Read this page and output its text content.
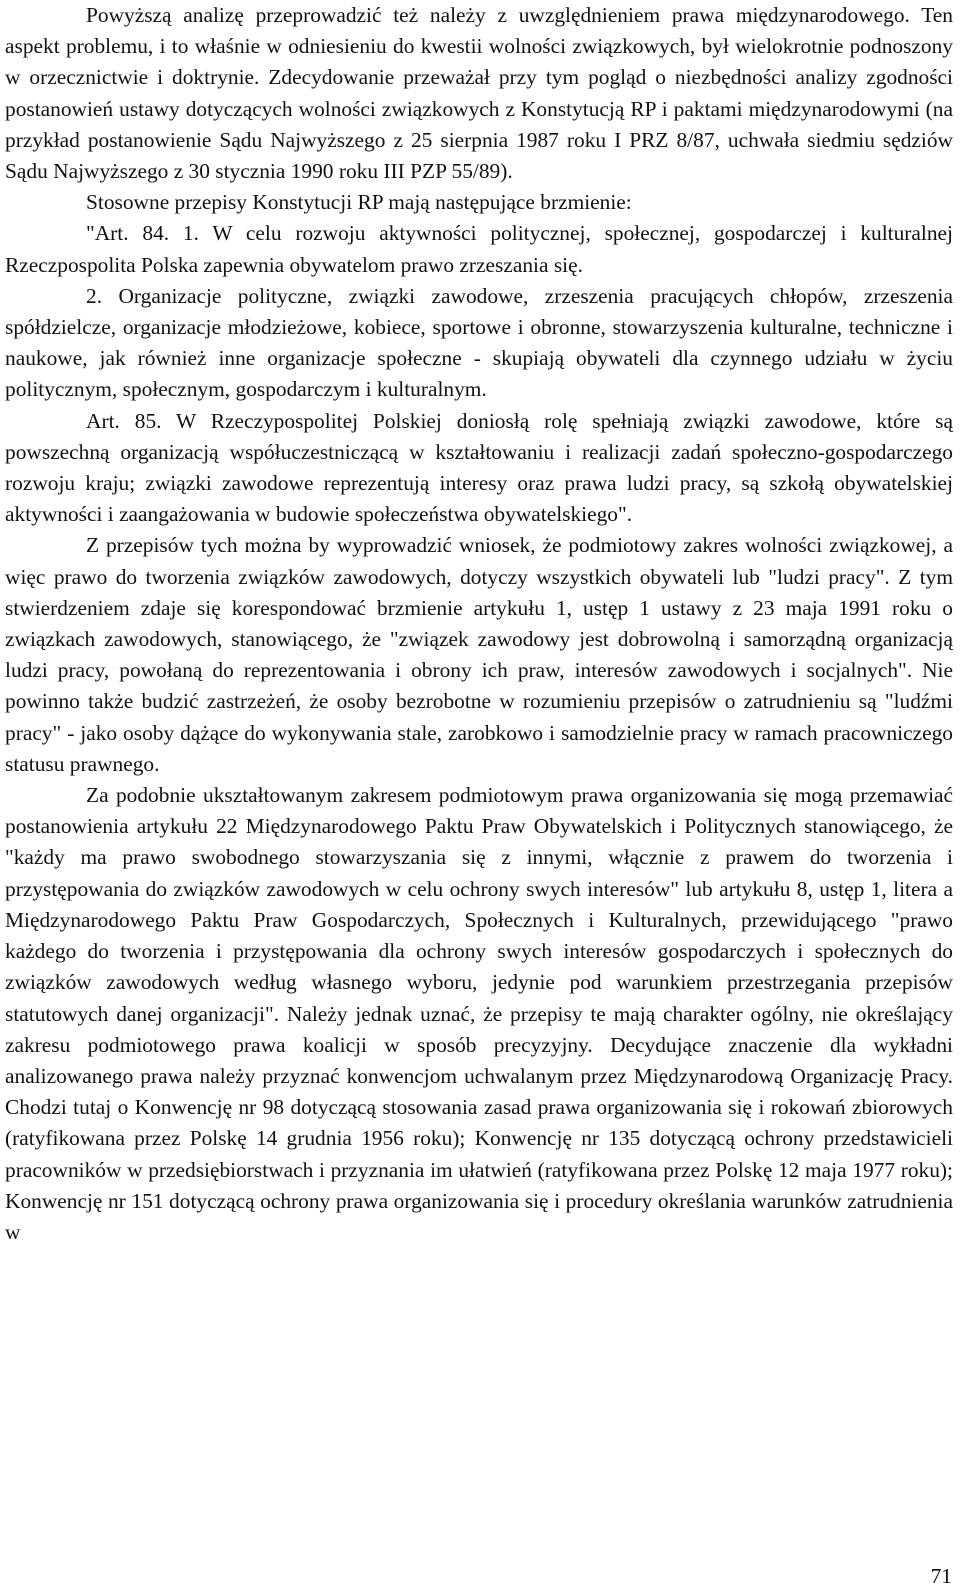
Powyższą analizę przeprowadzić też należy z uwzględnieniem prawa międzynarodowego. Ten aspekt problemu, i to właśnie w odniesieniu do kwestii wolności związkowych, był wielokrotnie podnoszony w orzecznictwie i doktrynie. Zdecydowanie przeważał przy tym pogląd o niezbędności analizy zgodności postanowień ustawy dotyczących wolności związkowych z Konstytucją RP i paktami międzynarodowymi (na przykład postanowienie Sądu Najwyższego z 25 sierpnia 1987 roku I PRZ 8/87, uchwała siedmiu sędziów Sądu Najwyższego z 30 stycznia 1990 roku III PZP 55/89).

Stosowne przepisy Konstytucji RP mają następujące brzmienie:

"Art. 84. 1. W celu rozwoju aktywności politycznej, społecznej, gospodarczej i kulturalnej Rzeczpospolita Polska zapewnia obywatelom prawo zrzeszania się.

2. Organizacje polityczne, związki zawodowe, zrzeszenia pracujących chłopów, zrzeszenia spółdzielcze, organizacje młodzieżowe, kobiece, sportowe i obronne, stowarzyszenia kulturalne, techniczne i naukowe, jak również inne organizacje społeczne - skupiają obywateli dla czynnego udziału w życiu politycznym, społecznym, gospodarczym i kulturalnym.

Art. 85. W Rzeczypospolitej Polskiej doniosłą rolę spełniają związki zawodowe, które są powszechną organizacją współuczestniczącą w kształtowaniu i realizacji zadań społeczno-gospodarczego rozwoju kraju; związki zawodowe reprezentują interesy oraz prawa ludzi pracy, są szkołą obywatelskiej aktywności i zaangażowania w budowie społeczeństwa obywatelskiego".

Z przepisów tych można by wyprowadzić wniosek, że podmiotowy zakres wolności związkowej, a więc prawo do tworzenia związków zawodowych, dotyczy wszystkich obywateli lub "ludzi pracy". Z tym stwierdzeniem zdaje się korespondować brzmienie artykułu 1, ustęp 1 ustawy z 23 maja 1991 roku o związkach zawodowych, stanowiącego, że "związek zawodowy jest dobrowolną i samorządną organizacją ludzi pracy, powołaną do reprezentowania i obrony ich praw, interesów zawodowych i socjalnych". Nie powinno także budzić zastrzeżeń, że osoby bezrobotne w rozumieniu przepisów o zatrudnieniu są "ludźmi pracy" - jako osoby dążące do wykonywania stale, zarobkowo i samodzielnie pracy w ramach pracowniczego statusu prawnego.

Za podobnie ukształtowanym zakresem podmiotowym prawa organizowania się mogą przemawiać postanowienia artykułu 22 Międzynarodowego Paktu Praw Obywatelskich i Politycznych stanowiącego, że "każdy ma prawo swobodnego stowarzyszania się z innymi, włącznie z prawem do tworzenia i przystępowania do związków zawodowych w celu ochrony swych interesów" lub artykułu 8, ustęp 1, litera a Międzynarodowego Paktu Praw Gospodarczych, Społecznych i Kulturalnych, przewidującego "prawo każdego do tworzenia i przystępowania dla ochrony swych interesów gospodarczych i społecznych do związków zawodowych według własnego wyboru, jedynie pod warunkiem przestrzegania przepisów statutowych danej organizacji". Należy jednak uznać, że przepisy te mają charakter ogólny, nie określający zakresu podmiotowego prawa koalicji w sposób precyzyjny. Decydujące znaczenie dla wykładni analizowanego prawa należy przyznać konwencjom uchwalanym przez Międzynarodową Organizację Pracy. Chodzi tutaj o Konwencję nr 98 dotyczącą stosowania zasad prawa organizowania się i rokowań zbiorowych (ratyfikowana przez Polskę 14 grudnia 1956 roku); Konwencję nr 135 dotyczącą ochrony przedstawicieli pracowników w przedsiębiorstwach i przyznania im ułatwień (ratyfikowana przez Polskę 12 maja 1977 roku); Konwencję nr 151 dotyczącą ochrony prawa organizowania się i procedury określania warunków zatrudnienia w

71
